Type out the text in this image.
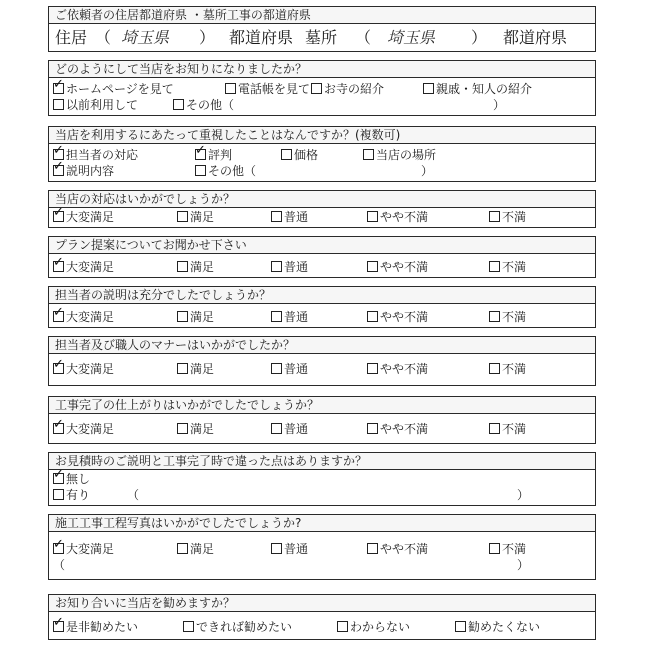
ご依頼者の住居都道府県 ・墓所工事の都道府県
住居 （ 埼玉県 ） 都道府県 墓所 （ 埼玉県 ） 都道府県
どのようにして当店をお知りになりましたか？
✓ホームページを見て	電話帳を見て	お寺の紹介	親戚・知人の紹介
以前利用して	その他（	）
当店を利用するにあたって重視したことはなんですか？(複数可)
✓担当者の対応
✓	評判	価格	当店の場所
✓説明内容	その他（	）
当店の対応はいかがでしょうか？
✓大変満足	満足	普通	やや不満	不満
プラン提案についてお聞かせ下さい
✓大変満足	満足	普通	やや不満	不満
担当者の説明は充分でしたでしょうか？
✓大変満足	満足	普通	やや不満	不満
担当者及び職人のマナーはいかがでしたか？
✓大変満足	満足	普通	やや不満	不満
工事完了の仕上がりはいかがでしたでしょうか？
✓大変満足	満足	普通	やや不満	不満
お見積時のご説明と工事完了時で違った点はありますか？
✓無し
有り	（	）
施工工事工程写真はいかがでしたでしょうか?
✓大変満足	満足	普通	やや不満	不満
（	）
お知り合いに当店を勧めますか？
✓是非勧めたい	できれば勧めたい	わからない	勧めたくない
